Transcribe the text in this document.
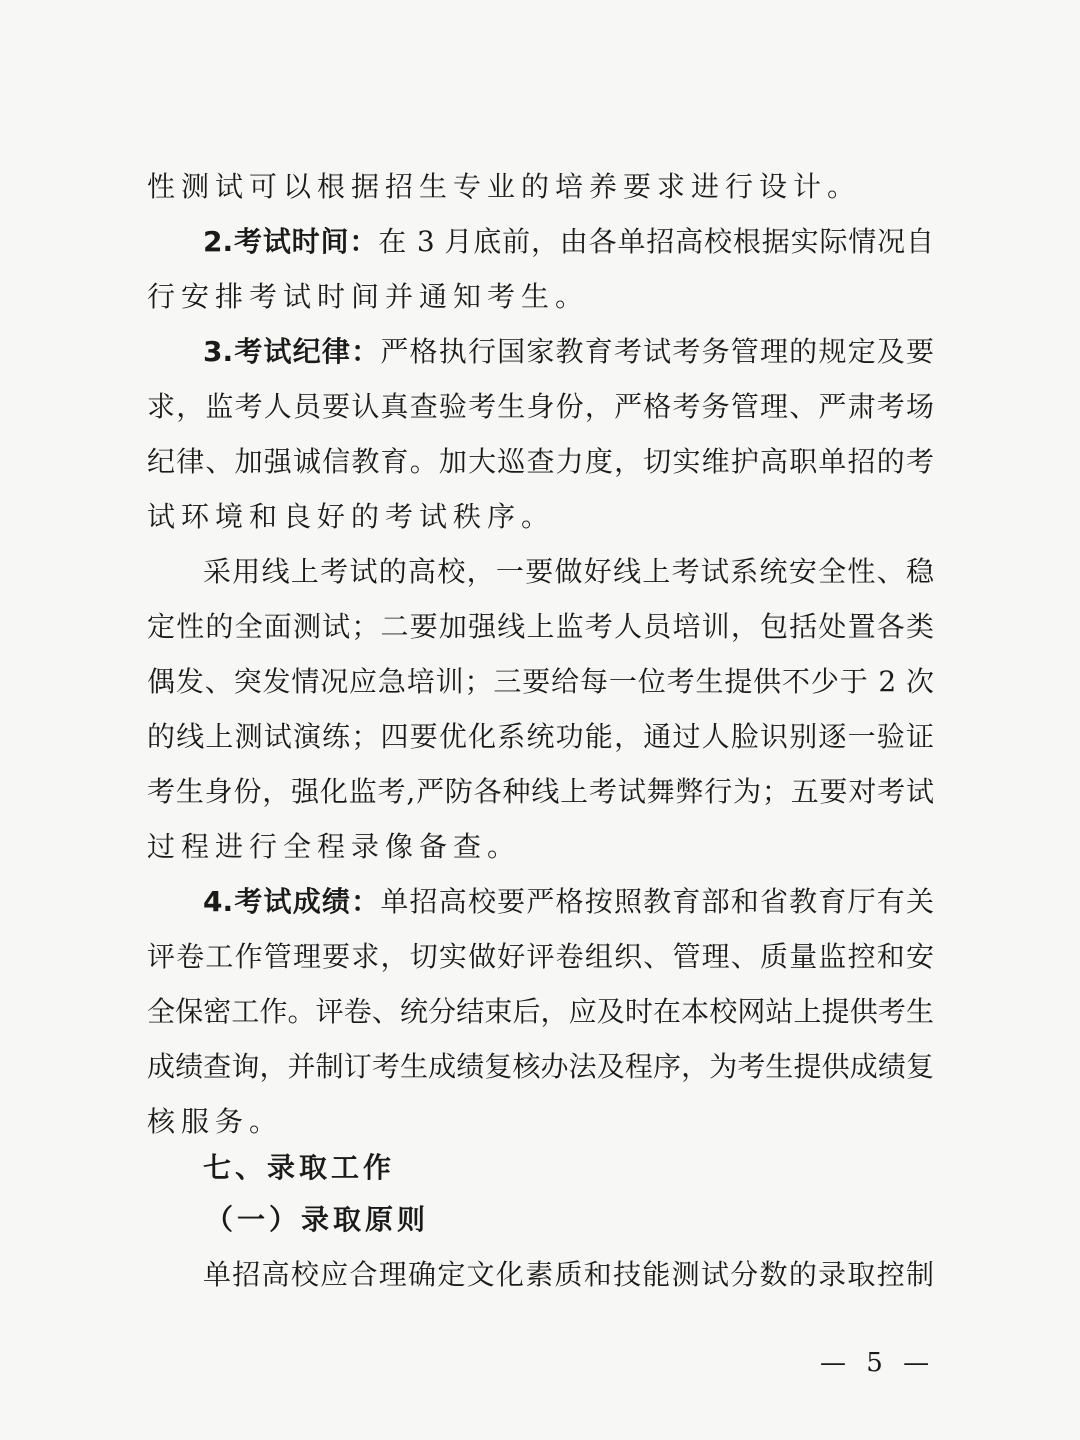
性测试可以根据招生专业的培养要求进行设计。
2.考试时间：在 3 月底前，由各单招高校根据实际情况自
行安排考试时间并通知考生。
3.考试纪律：严格执行国家教育考试考务管理的规定及要
求，监考人员要认真查验考生身份，严格考务管理、严肃考场
纪律、加强诚信教育。加大巡查力度，切实维护高职单招的考
试环境和良好的考试秩序。
采用线上考试的高校，一要做好线上考试系统安全性、稳
定性的全面测试；二要加强线上监考人员培训，包括处置各类
偶发、突发情况应急培训；三要给每一位考生提供不少于 2 次
的线上测试演练；四要优化系统功能，通过人脸识别逐一验证
考生身份，强化监考,严防各种线上考试舞弊行为；五要对考试
过程进行全程录像备查。
4.考试成绩：单招高校要严格按照教育部和省教育厅有关
评卷工作管理要求，切实做好评卷组织、管理、质量监控和安
全保密工作。评卷、统分结束后，应及时在本校网站上提供考生
成绩查询，并制订考生成绩复核办法及程序，为考生提供成绩复
核服务。
七、录取工作
（一）录取原则
单招高校应合理确定文化素质和技能测试分数的录取控制
— 5 —
